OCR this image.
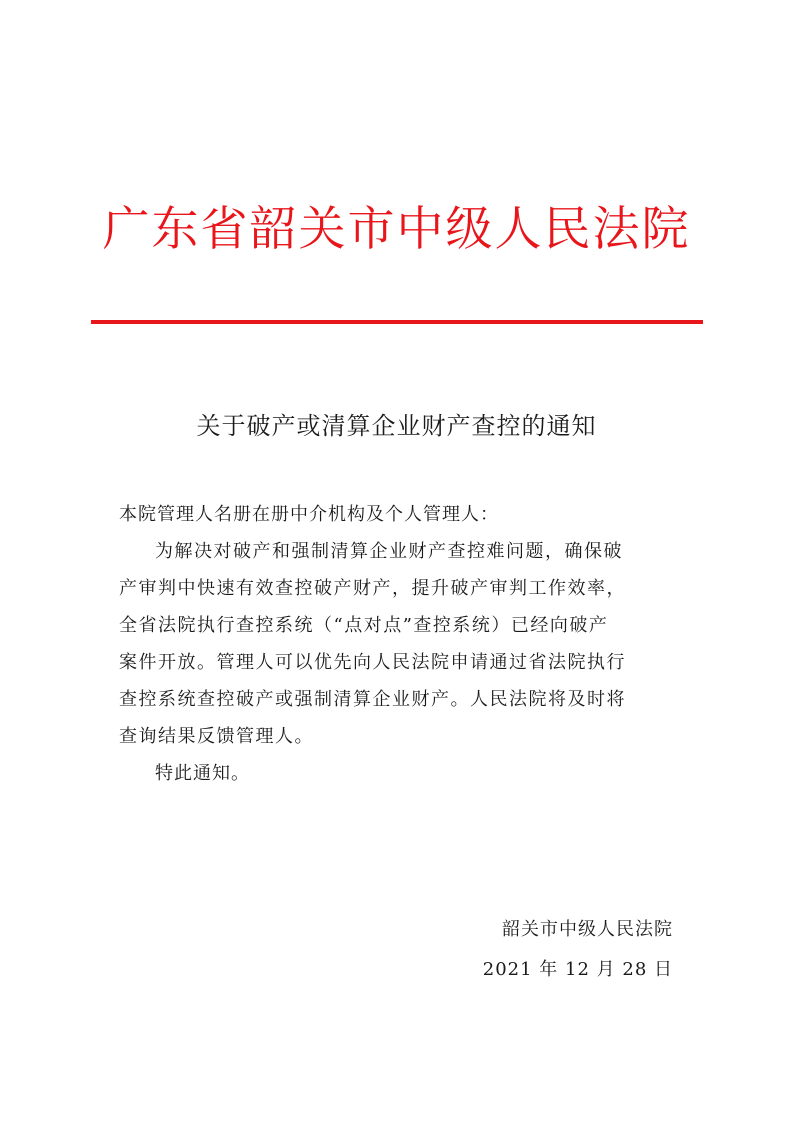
广东省韶关市中级人民法院
关于破产或清算企业财产查控的通知

本院管理人名册在册中介机构及个人管理人：

为解决对破产和强制清算企业财产查控难问题，确保破
产审判中快速有效查控破产财产，提升破产审判工作效率，
全省法院执行查控系统（“点对点”查控系统）已经向破产
案件开放。管理人可以优先向人民法院申请通过省法院执行
查控系统查控破产或强制清算企业财产。人民法院将及时将
查询结果反馈管理人。

特此通知。

韶关市中级人民法院
2021 年 12 月 28 日
